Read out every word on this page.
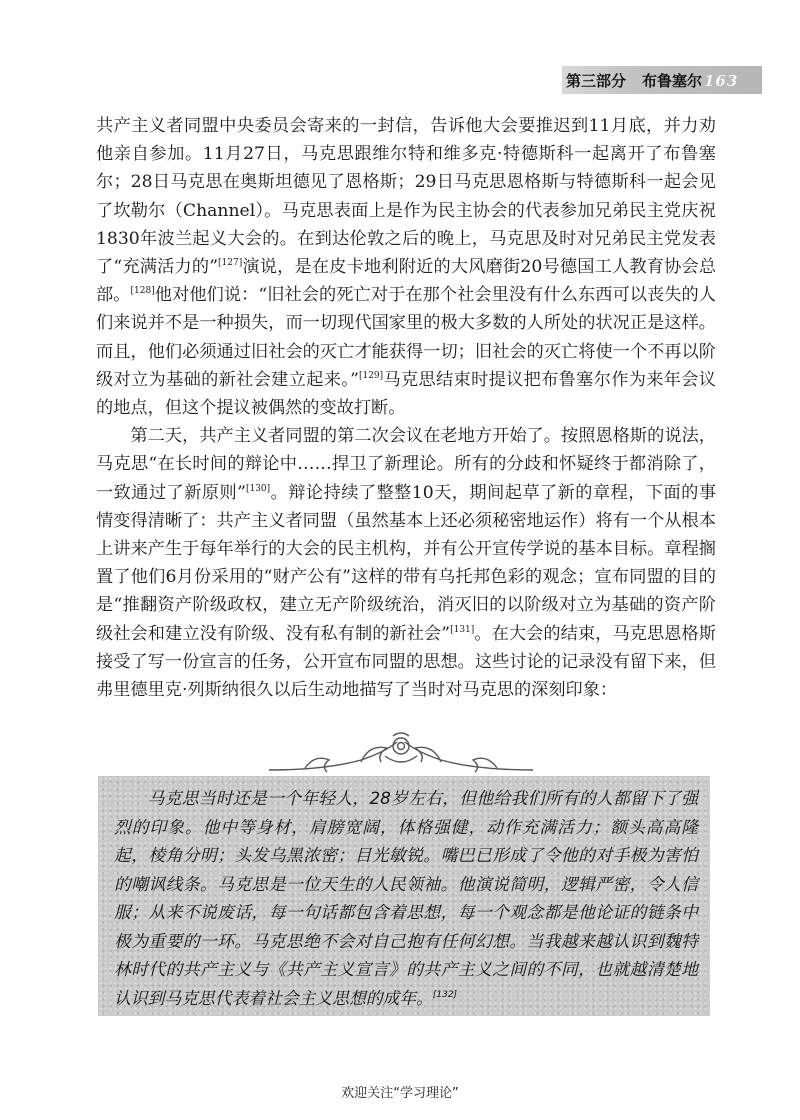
第三部分 布鲁塞尔 163

共产主义者同盟中央委员会寄来的一封信，告诉他大会要推迟到11月底，并力劝他亲自参加。11月27日，马克思跟维尔特和维多克·特德斯科一起离开了布鲁塞尔；28日马克思在奥斯坦德见了恩格斯；29日马克思恩格斯与特德斯科一起会见了坎勒尔（Channel）。马克思表面上是作为民主协会的代表参加兄弟民主党庆祝1830年波兰起义大会的。在到达伦敦之后的晚上，马克思及时对兄弟民主党发表了“充满活力的”[127]演说，是在皮卡地利附近的大风磨街20号德国工人教育协会总部。[128]他对他们说：“旧社会的死亡对于在那个社会里没有什么东西可以丧失的人们来说并不是一种损失，而一切现代国家里的极大多数的人所处的状况正是这样。而且，他们必须通过旧社会的灭亡才能获得一切；旧社会的灭亡将使一个不再以阶级对立为基础的新社会建立起来。”[129]马克思结束时提议把布鲁塞尔作为来年会议的地点，但这个提议被偶然的变故打断。

第二天，共产主义者同盟的第二次会议在老地方开始了。按照恩格斯的说法，马克思“在长时间的辩论中……捍卫了新理论。所有的分歧和怀疑终于都消除了，一致通过了新原则”[130]。辩论持续了整整10天，期间起草了新的章程，下面的事情变得清晰了：共产主义者同盟（虽然基本上还必须秘密地运作）将有一个从根本上讲来产生于每年举行的大会的民主机构，并有公开宣传学说的基本目标。章程搁置了他们6月份采用的“财产公有”这样的带有乌托邦色彩的观念；宣布同盟的目的是“推翻资产阶级政权，建立无产阶级统治，消灭旧的以阶级对立为基础的资产阶级社会和建立没有阶级、没有私有制的新社会”[131]。在大会的结束，马克思恩格斯接受了写一份宣言的任务，公开宣布同盟的思想。这些讨论的记录没有留下来，但弗里德里克·列斯纳很久以后生动地描写了当时对马克思的深刻印象：

马克思当时还是一个年轻人，28岁左右，但他给我们所有的人都留下了强烈的印象。他中等身材，肩膀宽阔，体格强健，动作充满活力；额头高高隆起，棱角分明；头发乌黑浓密；目光敏锐。嘴巴已形成了令他的对手极为害怕的嘲讽线条。马克思是一位天生的人民领袖。他演说简明，逻辑严密，令人信服；从来不说废话，每一句话都包含着思想，每一个观念都是他论证的链条中极为重要的一环。马克思绝不会对自己抱有任何幻想。当我越来越认识到魏特林时代的共产主义与《共产主义宣言》的共产主义之间的不同，也就越清楚地认识到马克思代表着社会主义思想的成年。[132]

欢迎关注“学习理论”
